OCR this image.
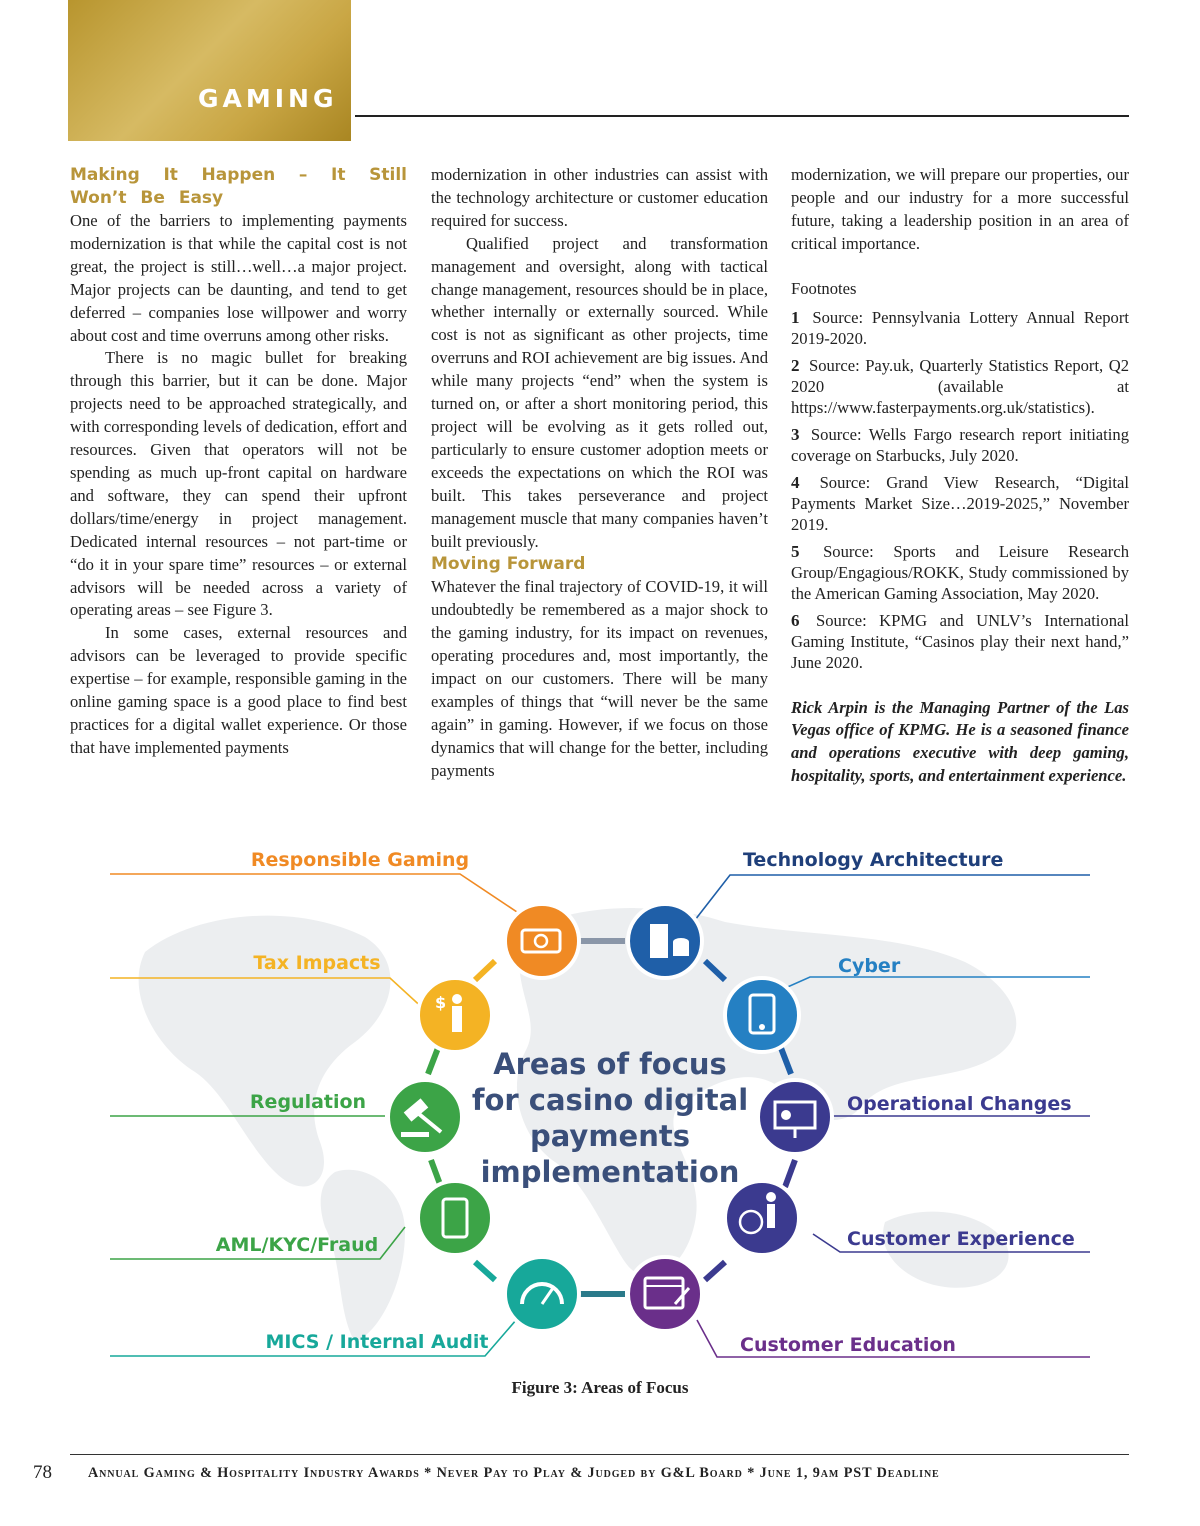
GAMING

Making It Happen – It Still Won’t Be Easy

One of the barriers to implementing payments modernization is that while the capital cost is not great, the project is still…well…a major project. Major projects can be daunting, and tend to get deferred – companies lose willpower and worry about cost and time overruns among other risks.

There is no magic bullet for breaking through this barrier, but it can be done. Major projects need to be approached strategically, and with corresponding levels of dedication, effort and resources. Given that operators will not be spending as much up-front capital on hardware and software, they can spend their upfront dollars/time/energy in project management. Dedicated internal resources – not part-time or “do it in your spare time” resources – or external advisors will be needed across a variety of operating areas – see Figure 3.

In some cases, external resources and advisors can be leveraged to provide specific expertise – for example, responsible gaming in the online gaming space is a good place to find best practices for a digital wallet experience. Or those that have implemented payments

modernization in other industries can assist with the technology architecture or customer education required for success.

Qualified project and transformation management and oversight, along with tactical change management, resources should be in place, whether internally or externally sourced. While cost is not as significant as other projects, time overruns and ROI achievement are big issues. And while many projects “end” when the system is turned on, or after a short monitoring period, this project will be evolving as it gets rolled out, particularly to ensure customer adoption meets or exceeds the expectations on which the ROI was built. This takes perseverance and project management muscle that many companies haven’t built previously.

Moving Forward

Whatever the final trajectory of COVID-19, it will undoubtedly be remembered as a major shock to the gaming industry, for its impact on revenues, operating procedures and, most importantly, the impact on our customers. There will be many examples of things that “will never be the same again” in gaming. However, if we focus on those dynamics that will change for the better, including payments

modernization, we will prepare our properties, our people and our industry for a more successful future, taking a leadership position in an area of critical importance.

Footnotes

1 Source: Pennsylvania Lottery Annual Report 2019-2020.

2 Source: Pay.uk, Quarterly Statistics Report, Q2 2020 (available at https://www.fasterpayments.org.uk/statistics).

3 Source: Wells Fargo research report initiating coverage on Starbucks, July 2020.

4 Source: Grand View Research, “Digital Payments Market Size…2019-2025,” November 2019.

5 Source: Sports and Leisure Research Group/Engagious/ROKK, Study commissioned by the American Gaming Association, May 2020.

6 Source: KPMG and UNLV’s International Gaming Institute, “Casinos play their next hand,” June 2020.

Rick Arpin is the Managing Partner of the Las Vegas office of KPMG. He is a seasoned finance and operations executive with deep gaming, hospitality, sports, and entertainment experience.

$
Areas of focus
for casino digital
payments
implementation
Responsible Gaming
Tax Impacts
Regulation
AML/KYC/Fraud
MICS / Internal Audit
Technology Architecture
Cyber
Operational Changes
Customer Experience
Customer Education
Figure 3: Areas of Focus
78	Annual Gaming & Hospitality Industry Awards * Never Pay to Play & Judged by G&L Board * June 1, 9am PST Deadline
